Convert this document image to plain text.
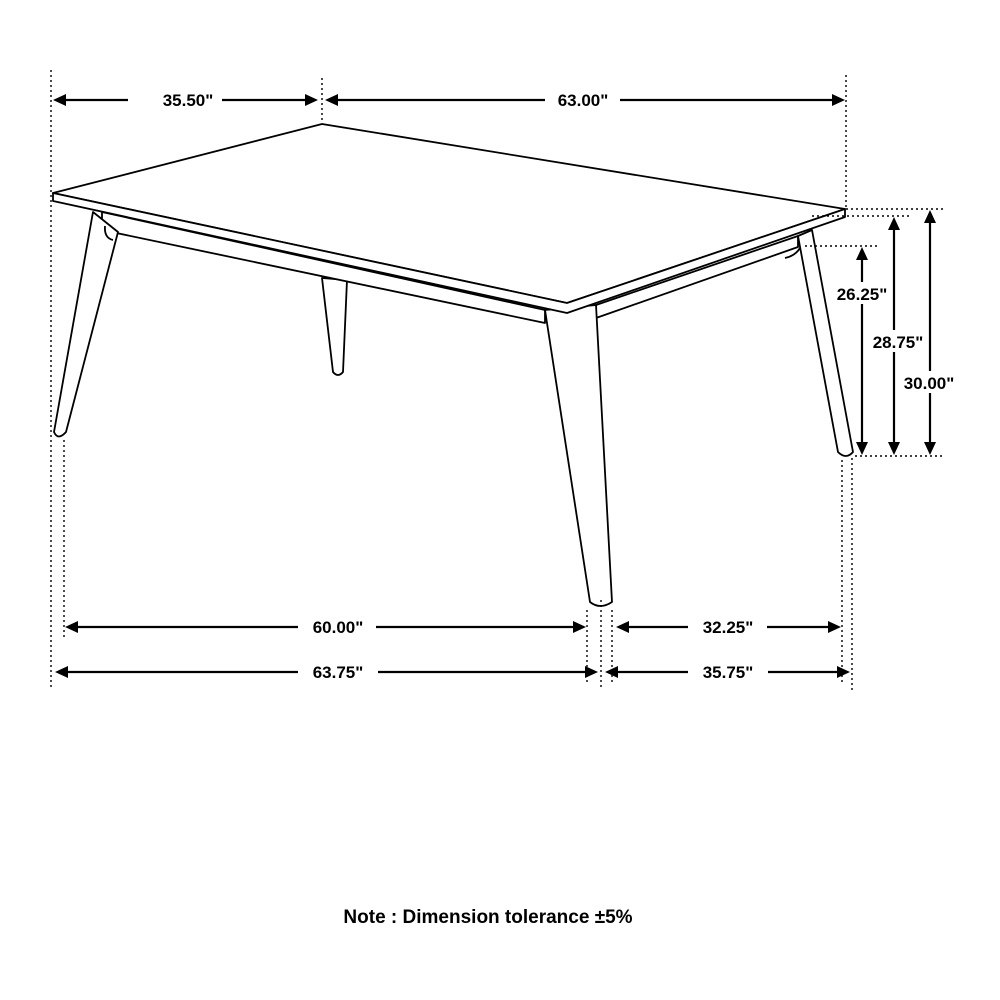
35.50"	63.00"
26.25"
28.75"
30.00"
60.00"	32.25"
63.75"	35.75"
Note : Dimension tolerance ±5%
